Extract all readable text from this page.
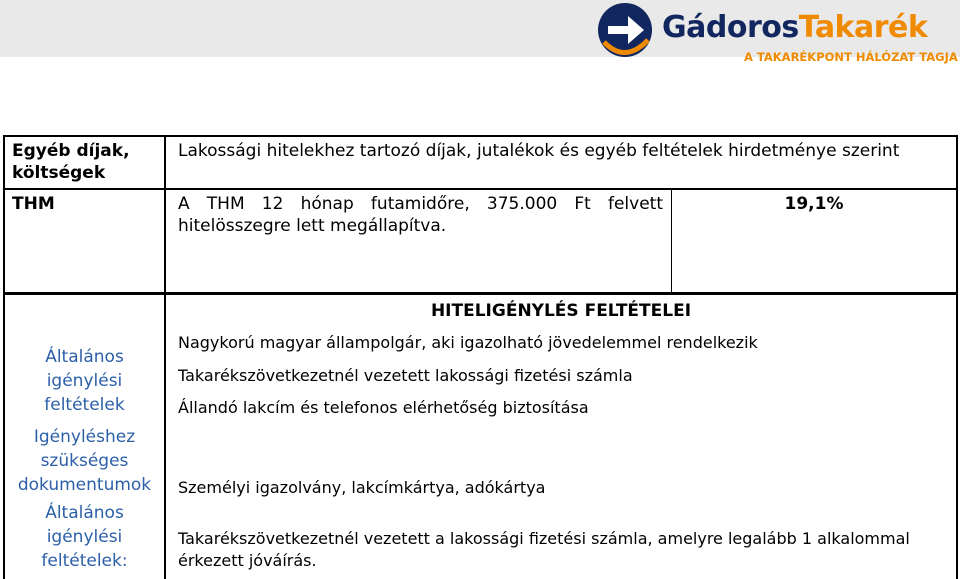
GádorosTakarék
A TAKARÉKPONT HÁLÓZAT TAGJA
Egyéb díjak, költségek
Lakossági hitelekhez tartozó díjak, jutalékok és egyéb feltételek hirdetménye szerint
THM	A THM 12 hónap futamidőre, 375.000 Ft felvett hitelösszegre lett megállapítva.
19,1%
HITELIGÉNYLÉS FELTÉTELEI
Általános igénylési feltételek
Igényléshez szükséges dokumentumok
Általános igénylési feltételek:
Nagykorú magyar állampolgár, aki igazolható jövedelemmel rendelkezik
Takarékszövetkezetnél vezetett lakossági fizetési számla
Állandó lakcím és telefonos elérhetőség biztosítása
Személyi igazolvány, lakcímkártya, adókártya
Takarékszövetkezetnél vezetett a lakossági fizetési számla, amelyre legalább 1 alkalommal érkezett jóváírás.
